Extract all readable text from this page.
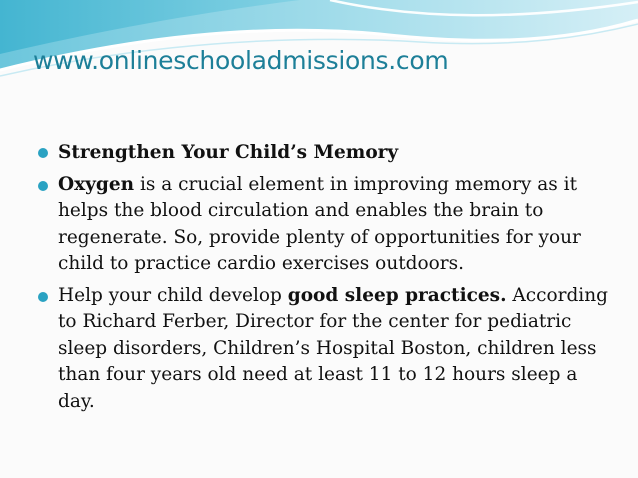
www.onlineschooladmissions.com
Strengthen Your Child’s Memory
Oxygen is a crucial element in improving memory as it helps the blood circulation and enables the brain to regenerate. So, provide plenty of opportunities for your child to practice cardio exercises outdoors.
Help your child develop good sleep practices. According to Richard Ferber, Director for the center for pediatric sleep disorders, Children’s Hospital Boston, children less than four years old need at least 11 to 12 hours sleep a day.
